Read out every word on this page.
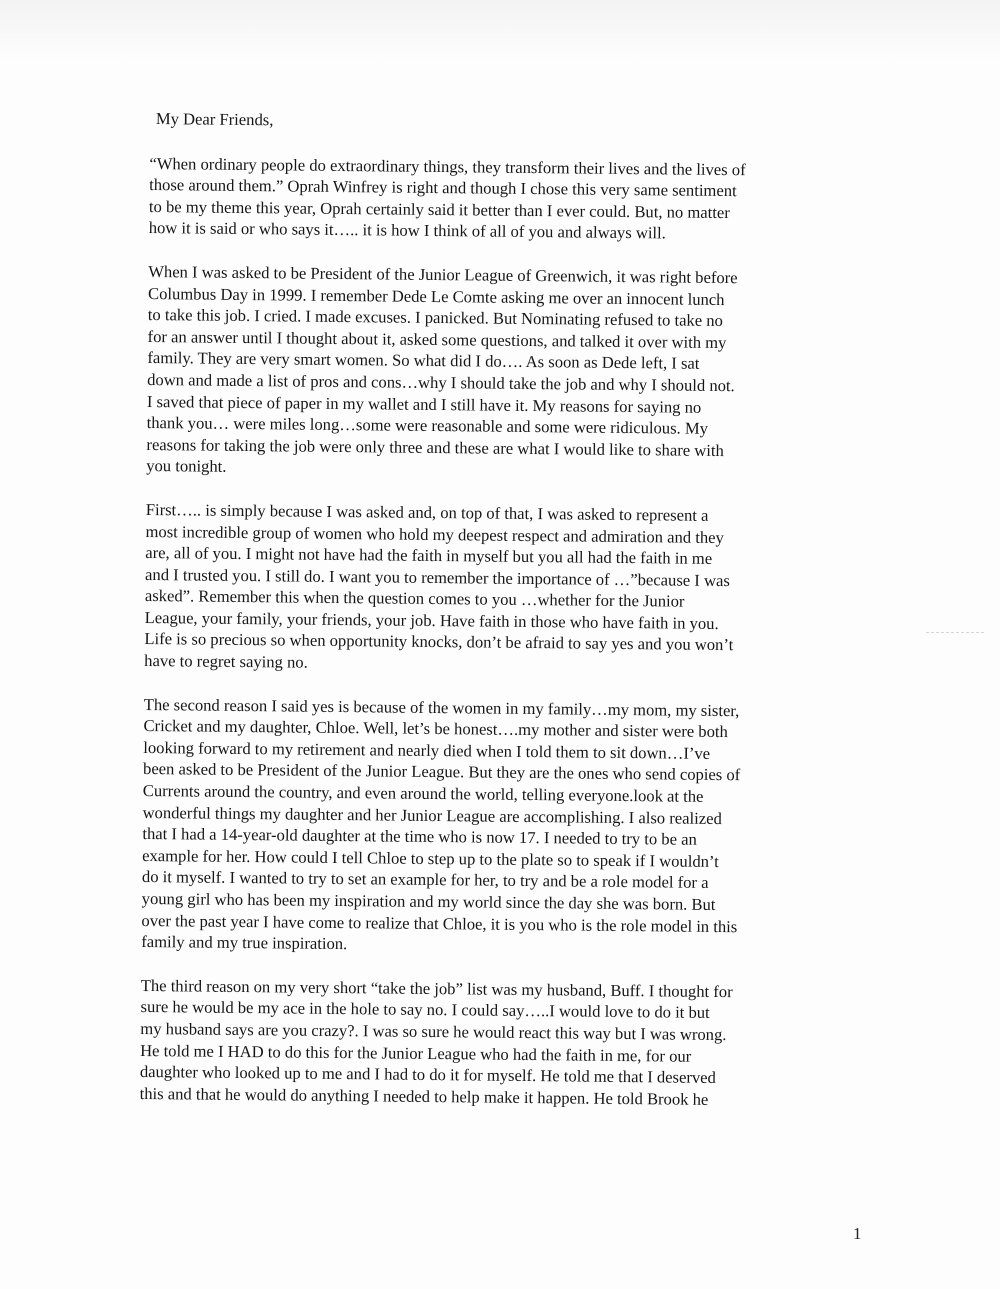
My Dear Friends,
“When ordinary people do extraordinary things, they transform their lives and the lives of
those around them.” Oprah Winfrey is right and though I chose this very same sentiment
to be my theme this year, Oprah certainly said it better than I ever could. But, no matter
how it is said or who says it….. it is how I think of all of you and always will.
When I was asked to be President of the Junior League of Greenwich, it was right before
Columbus Day in 1999. I remember Dede Le Comte asking me over an innocent lunch
to take this job. I cried. I made excuses. I panicked. But Nominating refused to take no
for an answer until I thought about it, asked some questions, and talked it over with my
family. They are very smart women. So what did I do…. As soon as Dede left, I sat
down and made a list of pros and cons…why I should take the job and why I should not.
I saved that piece of paper in my wallet and I still have it. My reasons for saying no
thank you… were miles long…some were reasonable and some were ridiculous. My
reasons for taking the job were only three and these are what I would like to share with
you tonight.
First….. is simply because I was asked and, on top of that, I was asked to represent a
most incredible group of women who hold my deepest respect and admiration and they
are, all of you. I might not have had the faith in myself but you all had the faith in me
and I trusted you. I still do. I want you to remember the importance of …”because I was
asked”. Remember this when the question comes to you …whether for the Junior
League, your family, your friends, your job. Have faith in those who have faith in you.
Life is so precious so when opportunity knocks, don’t be afraid to say yes and you won’t
have to regret saying no.
The second reason I said yes is because of the women in my family…my mom, my sister,
Cricket and my daughter, Chloe. Well, let’s be honest….my mother and sister were both
looking forward to my retirement and nearly died when I told them to sit down…I’ve
been asked to be President of the Junior League. But they are the ones who send copies of
Currents around the country, and even around the world, telling everyone.look at the
wonderful things my daughter and her Junior League are accomplishing. I also realized
that I had a 14-year-old daughter at the time who is now 17. I needed to try to be an
example for her. How could I tell Chloe to step up to the plate so to speak if I wouldn’t
do it myself. I wanted to try to set an example for her, to try and be a role model for a
young girl who has been my inspiration and my world since the day she was born. But
over the past year I have come to realize that Chloe, it is you who is the role model in this
family and my true inspiration.
The third reason on my very short “take the job” list was my husband, Buff. I thought for
sure he would be my ace in the hole to say no. I could say…..I would love to do it but
my husband says are you crazy?. I was so sure he would react this way but I was wrong.
He told me I HAD to do this for the Junior League who had the faith in me, for our
daughter who looked up to me and I had to do it for myself. He told me that I deserved
this and that he would do anything I needed to help make it happen. He told Brook he
1
